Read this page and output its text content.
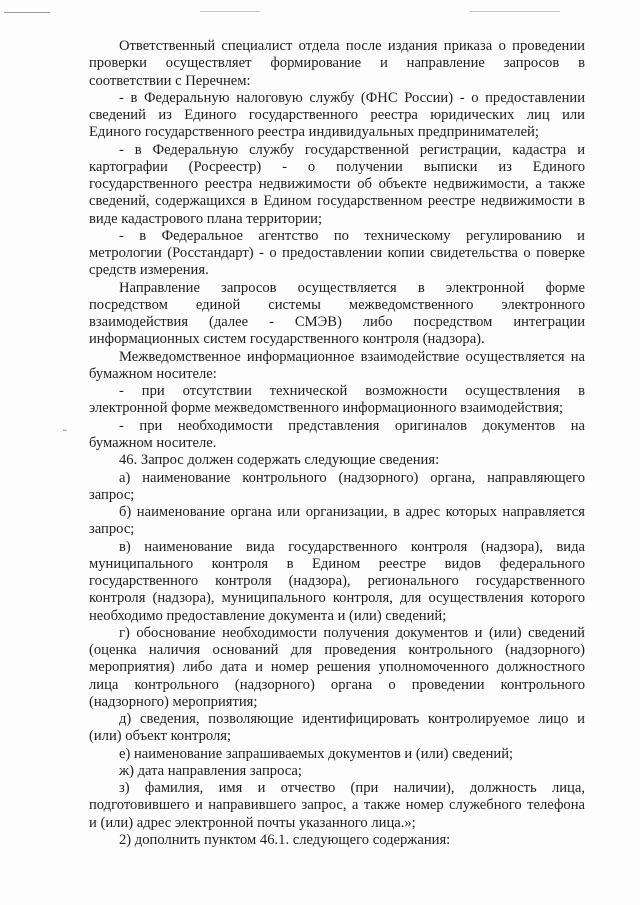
˜
Ответственный специалист отдела после издания приказа о проведении
проверки осуществляет формирование и направление запросов в
соответствии с Перечнем:
- в Федеральную налоговую службу (ФНС России) - о предоставлении
сведений из Единого государственного реестра юридических лиц или
Единого государственного реестра индивидуальных предпринимателей;
- в Федеральную службу государственной регистрации, кадастра и
картографии (Росреестр) - о получении выписки из Единого
государственного реестра недвижимости об объекте недвижимости, а также
сведений, содержащихся в Едином государственном реестре недвижимости в
виде кадастрового плана территории;
- в Федеральное агентство по техническому регулированию и
метрологии (Росстандарт) - о предоставлении копии свидетельства о поверке
средств измерения.
Направление запросов осуществляется в электронной форме
посредством единой системы межведомственного электронного
взаимодействия (далее - СМЭВ) либо посредством интеграции
информационных систем государственного контроля (надзора).
Межведомственное информационное взаимодействие осуществляется на
бумажном носителе:
- при отсутствии технической возможности осуществления в
электронной форме межведомственного информационного взаимодействия;
- при необходимости представления оригиналов документов на
бумажном носителе.
46. Запрос должен содержать следующие сведения:
а) наименование контрольного (надзорного) органа, направляющего
запрос;
б) наименование органа или организации, в адрес которых направляется
запрос;
в) наименование вида государственного контроля (надзора), вида
муниципального контроля в Едином реестре видов федерального
государственного контроля (надзора), регионального государственного
контроля (надзора), муниципального контроля, для осуществления которого
необходимо предоставление документа и (или) сведений;
г) обоснование необходимости получения документов и (или) сведений
(оценка наличия оснований для проведения контрольного (надзорного)
мероприятия) либо дата и номер решения уполномоченного должностного
лица контрольного (надзорного) органа о проведении контрольного
(надзорного) мероприятия;
д) сведения, позволяющие идентифицировать контролируемое лицо и
(или) объект контроля;
е) наименование запрашиваемых документов и (или) сведений;
ж) дата направления запроса;
з) фамилия, имя и отчество (при наличии), должность лица,
подготовившего и направившего запрос, а также номер служебного телефона
и (или) адрес электронной почты указанного лица.»;
2) дополнить пунктом 46.1. следующего содержания:
